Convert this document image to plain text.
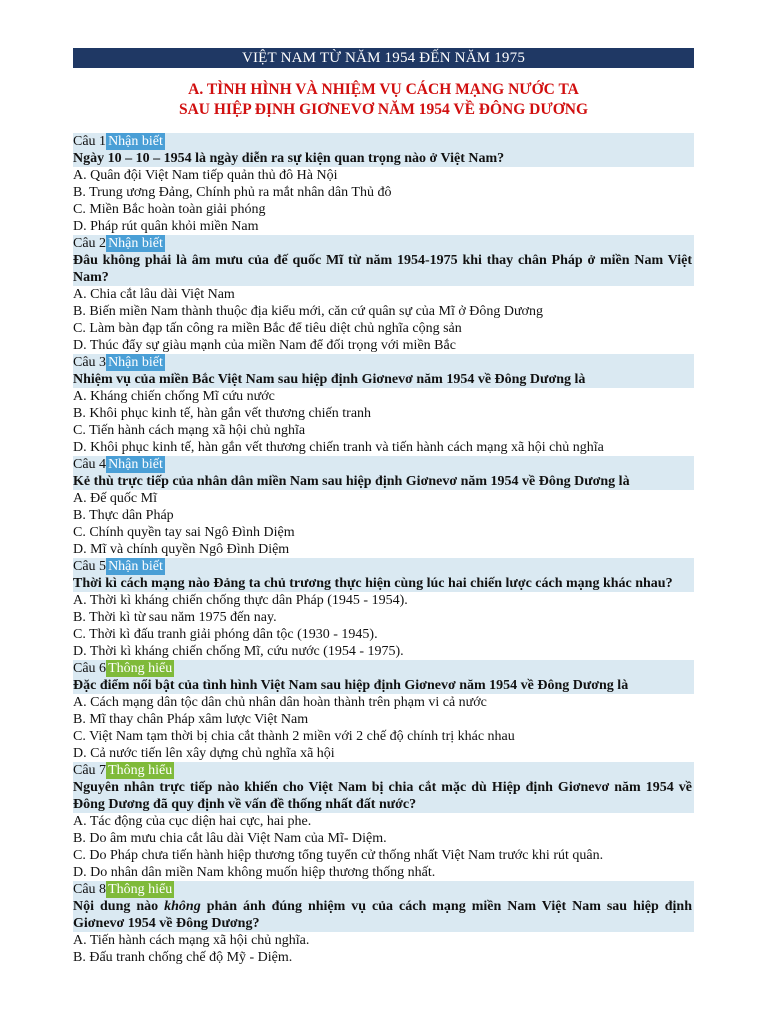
VIỆT NAM TỪ NĂM 1954 ĐẾN NĂM 1975
A. TÌNH HÌNH VÀ NHIỆM VỤ CÁCH MẠNG NƯỚC TA
SAU HIỆP ĐỊNH GIƠNEVƠ NĂM 1954 VỀ ĐÔNG DƯƠNG
Câu 1 Nhận biết
Ngày 10 – 10 – 1954 là ngày diễn ra sự kiện quan trọng nào ở Việt Nam?
A. Quân đội Việt Nam tiếp quản thủ đô Hà Nội
B. Trung ương Đảng, Chính phủ ra mắt nhân dân Thủ đô
C. Miền Bắc hoàn toàn giải phóng
D. Pháp rút quân khỏi miền Nam
Câu 2 Nhận biết
Đâu không phải là âm mưu của đế quốc Mĩ từ năm 1954-1975 khi thay chân Pháp ở miền Nam Việt Nam?
A. Chia cắt lâu dài Việt Nam
B. Biến miền Nam thành thuộc địa kiểu mới, căn cứ quân sự của Mĩ ở Đông Dương
C. Làm bàn đạp tấn công ra miền Bắc để tiêu diệt chủ nghĩa cộng sản
D. Thúc đẩy sự giàu mạnh của miền Nam để đối trọng với miền Bắc
Câu 3 Nhận biết
Nhiệm vụ của miền Bắc Việt Nam sau hiệp định Giơnevơ năm 1954 về Đông Dương là
A. Kháng chiến chống Mĩ cứu nước
B. Khôi phục kinh tế, hàn gắn vết thương chiến tranh
C. Tiến hành cách mạng xã hội chủ nghĩa
D. Khôi phục kinh tế, hàn gắn vết thương chiến tranh và tiến hành cách mạng xã hội chủ nghĩa
Câu 4 Nhận biết
Kẻ thù trực tiếp của nhân dân miền Nam sau hiệp định Giơnevơ năm 1954 về Đông Dương là
A. Đế quốc Mĩ
B. Thực dân Pháp
C. Chính quyền tay sai Ngô Đình Diệm
D. Mĩ và chính quyền Ngô Đình Diệm
Câu 5 Nhận biết
Thời kì cách mạng nào Đảng ta chủ trương thực hiện cùng lúc hai chiến lược cách mạng khác nhau?
A. Thời kì kháng chiến chống thực dân Pháp (1945 - 1954).
B. Thời kì từ sau năm 1975 đến nay.
C. Thời kì đấu tranh giải phóng dân tộc (1930 - 1945).
D. Thời kì kháng chiến chống Mĩ, cứu nước (1954 - 1975).
Câu 6 Thông hiểu
Đặc điểm nổi bật của tình hình Việt Nam sau hiệp định Giơnevơ năm 1954 về Đông Dương là
A. Cách mạng dân tộc dân chủ nhân dân hoàn thành trên phạm vi cả nước
B. Mĩ thay chân Pháp xâm lược Việt Nam
C. Việt Nam tạm thời bị chia cắt thành 2 miền với 2 chế độ chính trị khác nhau
D. Cả nước tiến lên xây dựng chủ nghĩa xã hội
Câu 7 Thông hiểu
Nguyên nhân trực tiếp nào khiến cho Việt Nam bị chia cắt mặc dù Hiệp định Giơnevơ năm 1954 về Đông Dương đã quy định về vấn đề thống nhất đất nước?
A. Tác động của cục diện hai cực, hai phe.
B. Do âm mưu chia cắt lâu dài Việt Nam của Mĩ- Diệm.
C. Do Pháp chưa tiến hành hiệp thương tổng tuyển cử thống nhất Việt Nam trước khi rút quân.
D. Do nhân dân miền Nam không muốn hiệp thương thống nhất.
Câu 8 Thông hiểu
Nội dung nào không phản ánh đúng nhiệm vụ của cách mạng miền Nam Việt Nam sau hiệp định Giơnevơ 1954 về Đông Dương?
A. Tiến hành cách mạng xã hội chủ nghĩa.
B. Đấu tranh chống chế độ Mỹ - Diệm.
